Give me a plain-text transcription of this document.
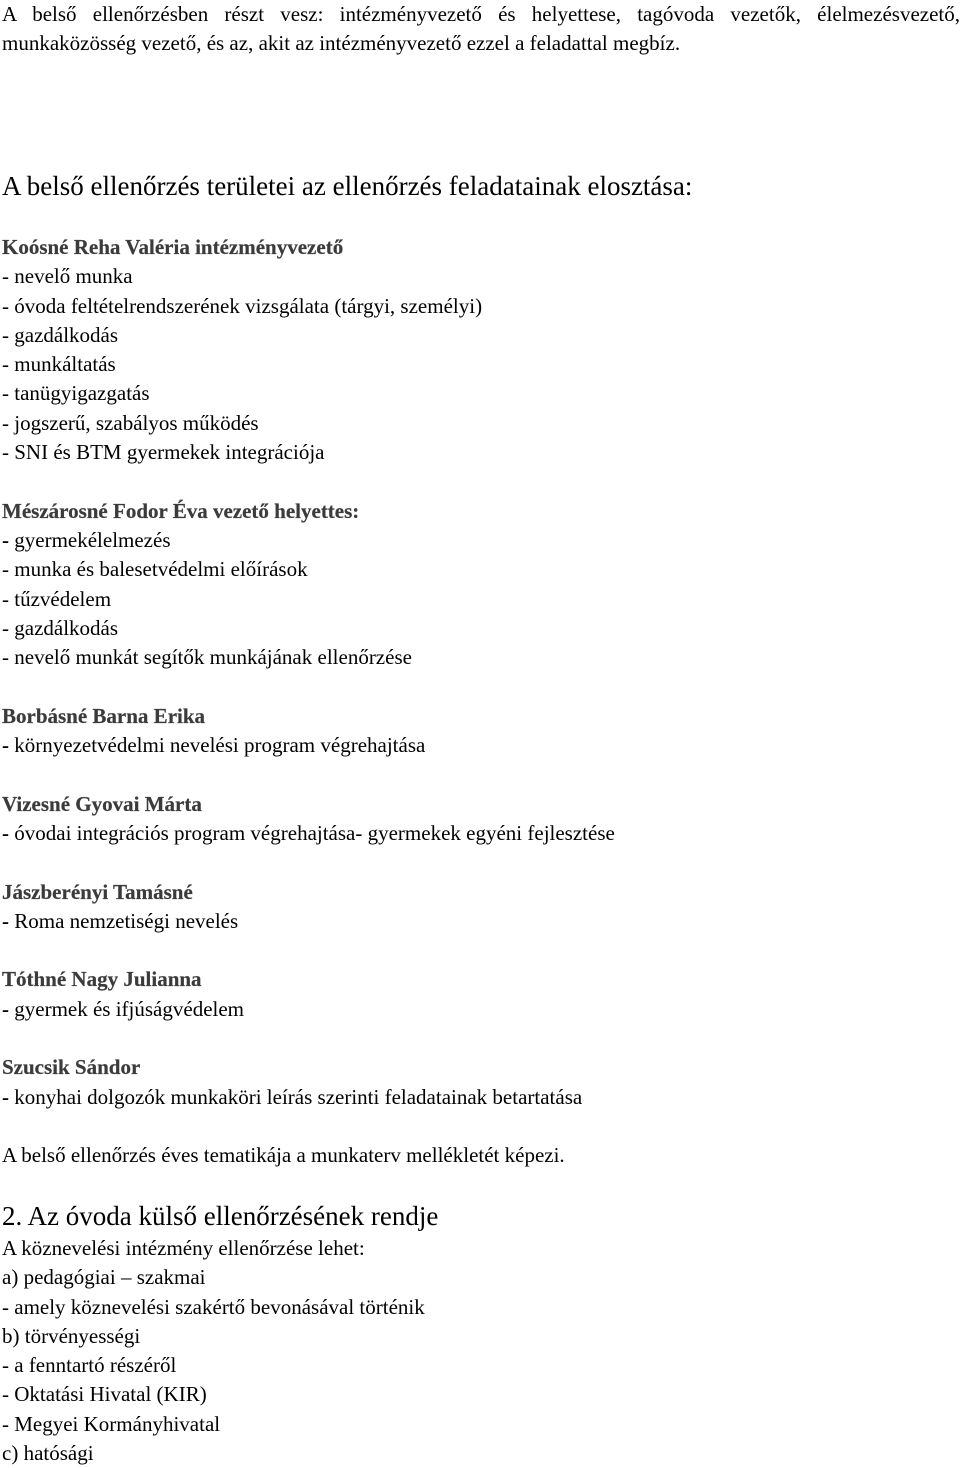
A belső ellenőrzésben részt vesz: intézményvezető és helyettese, tagóvoda vezetők, élelmezésvezető, munkaközösség vezető, és az, akit az intézményvezető ezzel a feladattal megbíz.

A belső ellenőrzés területei az ellenőrzés feladatainak elosztása:
Koósné Reha Valéria intézményvezető
- nevelő munka
- óvoda feltételrendszerének vizsgálata (tárgyi, személyi)
- gazdálkodás
- munkáltatás
- tanügyigazgatás
- jogszerű, szabályos működés
- SNI és BTM gyermekek integrációja
Mészárosné Fodor Éva vezető helyettes:
- gyermekélelmezés
- munka és balesetvédelmi előírások
- tűzvédelem
- gazdálkodás
- nevelő munkát segítők munkájának ellenőrzése
Borbásné Barna Erika
- környezetvédelmi nevelési program végrehajtása
Vizesné Gyovai Márta
- óvodai integrációs program végrehajtása- gyermekek egyéni fejlesztése
Jászberényi Tamásné
- Roma nemzetiségi nevelés
Tóthné Nagy Julianna
- gyermek és ifjúságvédelem
Szucsik Sándor
- konyhai dolgozók munkaköri leírás szerinti feladatainak betartatása

A belső ellenőrzés éves tematikája a munkaterv mellékletét képezi.

2. Az óvoda külső ellenőrzésének rendje
A köznevelési intézmény ellenőrzése lehet:
a) pedagógiai – szakmai
- amely köznevelési szakértő bevonásával történik
b) törvényességi
- a fenntartó részéről
- Oktatási Hivatal (KIR)
- Megyei Kormányhivatal
c) hatósági
